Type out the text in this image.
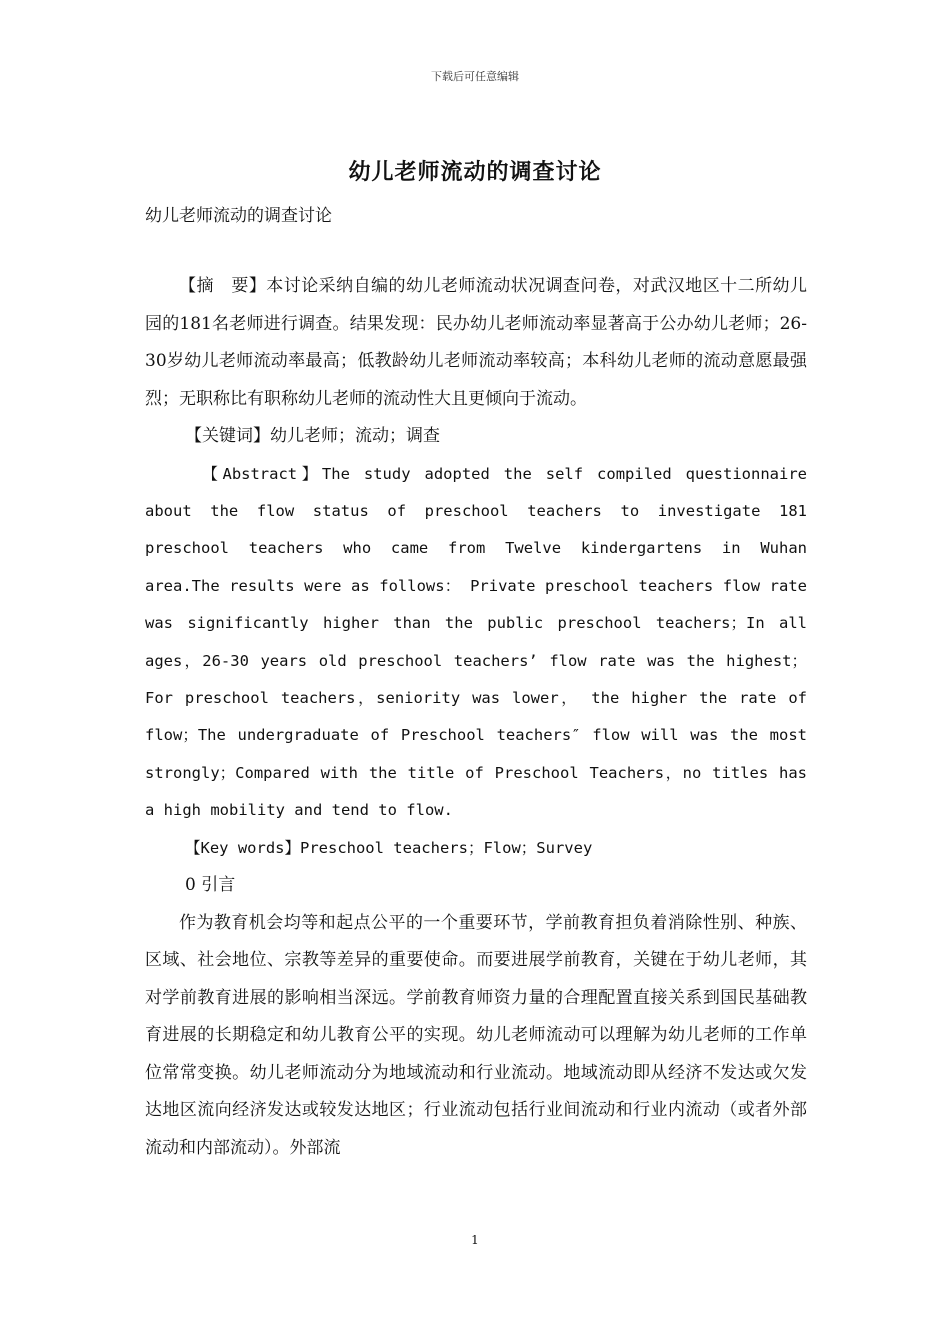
下载后可任意编辑
幼儿老师流动的调查讨论
幼儿老师流动的调查讨论

【摘　要】本讨论采纳自编的幼儿老师流动状况调查问卷，对武汉地区十二所幼儿园的181名老师进行调查。结果发现：民办幼儿老师流动率显著高于公办幼儿老师；26-30岁幼儿老师流动率最高；低教龄幼儿老师流动率较高；本科幼儿老师的流动意愿最强烈；无职称比有职称幼儿老师的流动性大且更倾向于流动。

【关键词】幼儿老师；流动；调查

【Abstract】The study adopted the self compiled questionnaire about the flow status of preschool teachers to investigate 181 preschool teachers who came from Twelve kindergartens in Wuhan area.The results were as follows： Private preschool teachers flow rate was significantly higher than the public preschool teachers；In all ages，26-30 years old preschool teachers’ flow rate was the highest；For preschool teachers，seniority was lower， the higher the rate of flow；The undergraduate of Preschool teachers″ flow will was the most strongly；Compared with the title of Preschool Teachers，no titles has a high mobility and tend to flow.

【Key words】Preschool teachers；Flow；Survey
0 引言

作为教育机会均等和起点公平的一个重要环节，学前教育担负着消除性别、种族、区域、社会地位、宗教等差异的重要使命。而要进展学前教育，关键在于幼儿老师，其对学前教育进展的影响相当深远。学前教育师资力量的合理配置直接关系到国民基础教育进展的长期稳定和幼儿教育公平的实现。幼儿老师流动可以理解为幼儿老师的工作单位常常变换。幼儿老师流动分为地域流动和行业流动。地域流动即从经济不发达或欠发达地区流向经济发达或较发达地区；行业流动包括行业间流动和行业内流动（或者外部流动和内部流动）。外部流

1
